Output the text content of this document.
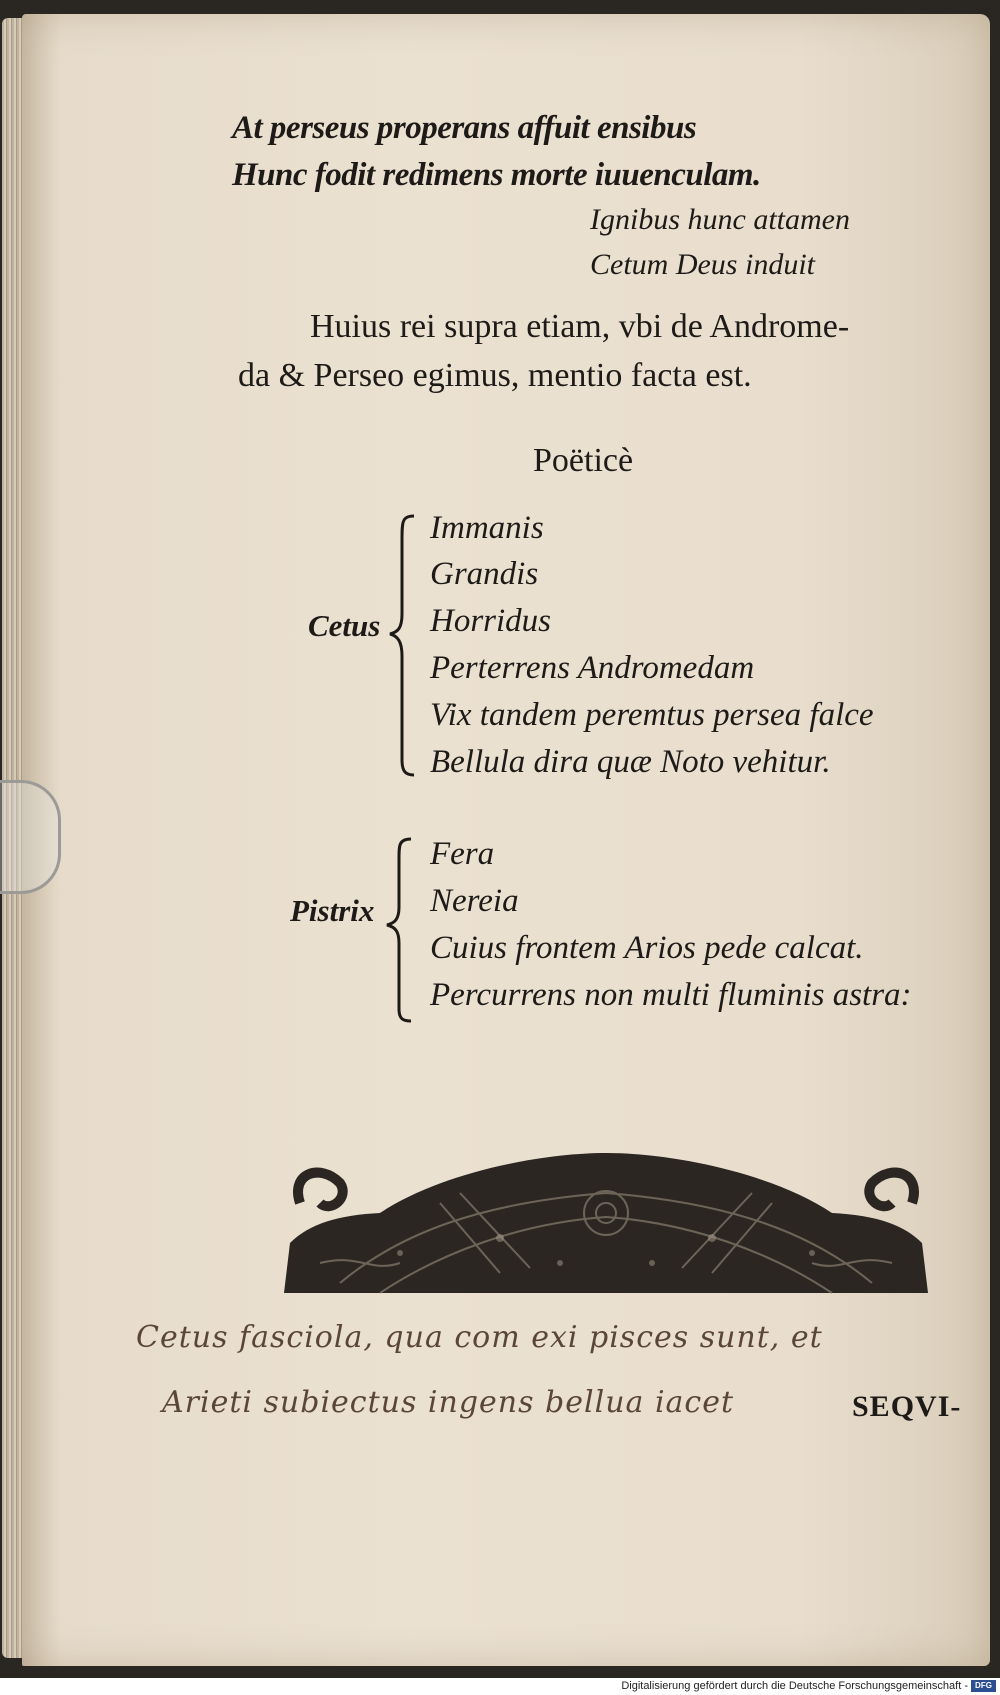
At perseus properans affuit ensibus
Hunc fodit redimens morte iuuenculam.
Ignibus hunc attamen
Cetum Deus induit
Huius rei supra etiam, vbi de Androme-
da & Perseo egimus, mentio facta est.
Poëticè
Cetus
Immanis
Grandis
Horridus
Perterrens Andromedam
Vix tandem peremtus persea falce
Bellula dira quæ Noto vehitur.
Pistrix
Fera
Nereia
Cuius frontem Arios pede calcat.
Percurrens non multi fluminis astra:
Cetus fasciola, qua com exi pisces sunt, et
Arieti subiectus ingens bellua iacet	SEQVI-
Digitalisierung gefördert durch die Deutsche Forschungsgemeinschaft - DFG
